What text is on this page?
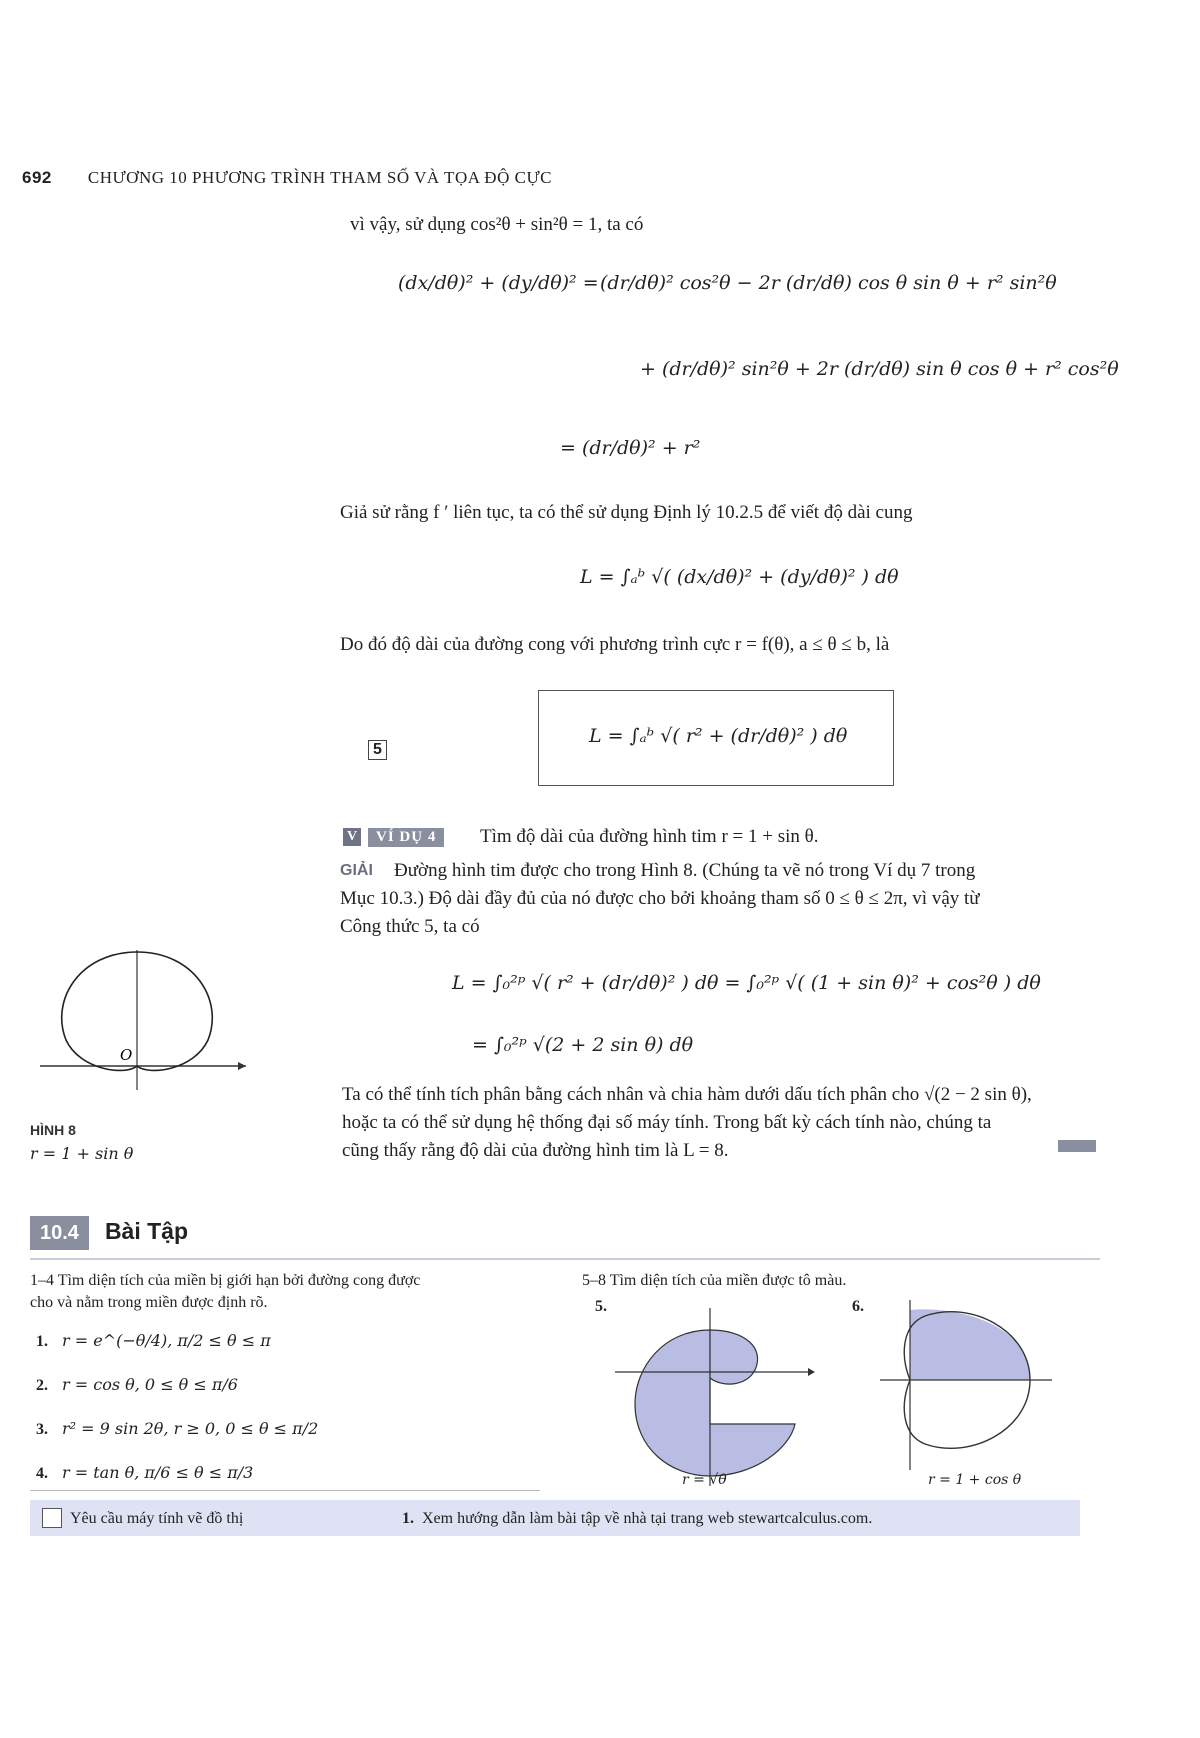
692 CHƯƠNG 10 PHƯƠNG TRÌNH THAM SỐ VÀ TỌA ĐỘ CỰC
vì vậy, sử dụng cos²θ + sin²θ = 1, ta có
(dx/dθ)² + (dy/dθ)² = (dr/dθ)² cos²θ − 2r (dr/dθ) cos θ sin θ + r² sin²θ
+ (dr/dθ)² sin²θ + 2r (dr/dθ) sin θ cos θ + r² cos²θ
= (dr/dθ)² + r²
Giả sử rằng f ′ liên tục, ta có thể sử dụng Định lý 10.2.5 để viết độ dài cung
L = ∫ₐᵇ √( (dx/dθ)² + (dy/dθ)² ) dθ
Do đó độ dài của đường cong với phương trình cực r = f(θ), a ≤ θ ≤ b, là
5
L = ∫ₐᵇ √( r² + (dr/dθ)² ) dθ
V	VÍ DỤ 4	Tìm độ dài của đường hình tim r = 1 + sin θ.
GIẢI Đường hình tim được cho trong Hình 8. (Chúng ta vẽ nó trong Ví dụ 7 trong
Mục 10.3.) Độ dài đầy đủ của nó được cho bởi khoảng tham số 0 ≤ θ ≤ 2π, vì vậy từ
Công thức 5, ta có
L = ∫₀²ᵖ √( r² + (dr/dθ)² ) dθ = ∫₀²ᵖ √( (1 + sin θ)² + cos²θ ) dθ
= ∫₀²ᵖ √(2 + 2 sin θ) dθ
Ta có thể tính tích phân bằng cách nhân và chia hàm dưới dấu tích phân cho √(2 − 2 sin θ),
hoặc ta có thể sử dụng hệ thống đại số máy tính. Trong bất kỳ cách tính nào, chúng ta
cũng thấy rằng độ dài của đường hình tim là L = 8.
O
HÌNH 8
r = 1 + sin θ
10.4 Bài Tập
1–4 Tìm diện tích của miền bị giới hạn bởi đường cong được
cho và nằm trong miền được định rõ.
1. r = e^(−θ/4), π/2 ≤ θ ≤ π
2. r = cos θ, 0 ≤ θ ≤ π/6
3. r² = 9 sin 2θ, r ≥ 0, 0 ≤ θ ≤ π/2
4. r = tan θ, π/6 ≤ θ ≤ π/3
5–8 Tìm diện tích của miền được tô màu.
5.
r = √θ
6.
r = 1 + cos θ
Yêu cầu máy tính vẽ đồ thị	1. Xem hướng dẫn làm bài tập về nhà tại trang web stewartcalculus.com.
